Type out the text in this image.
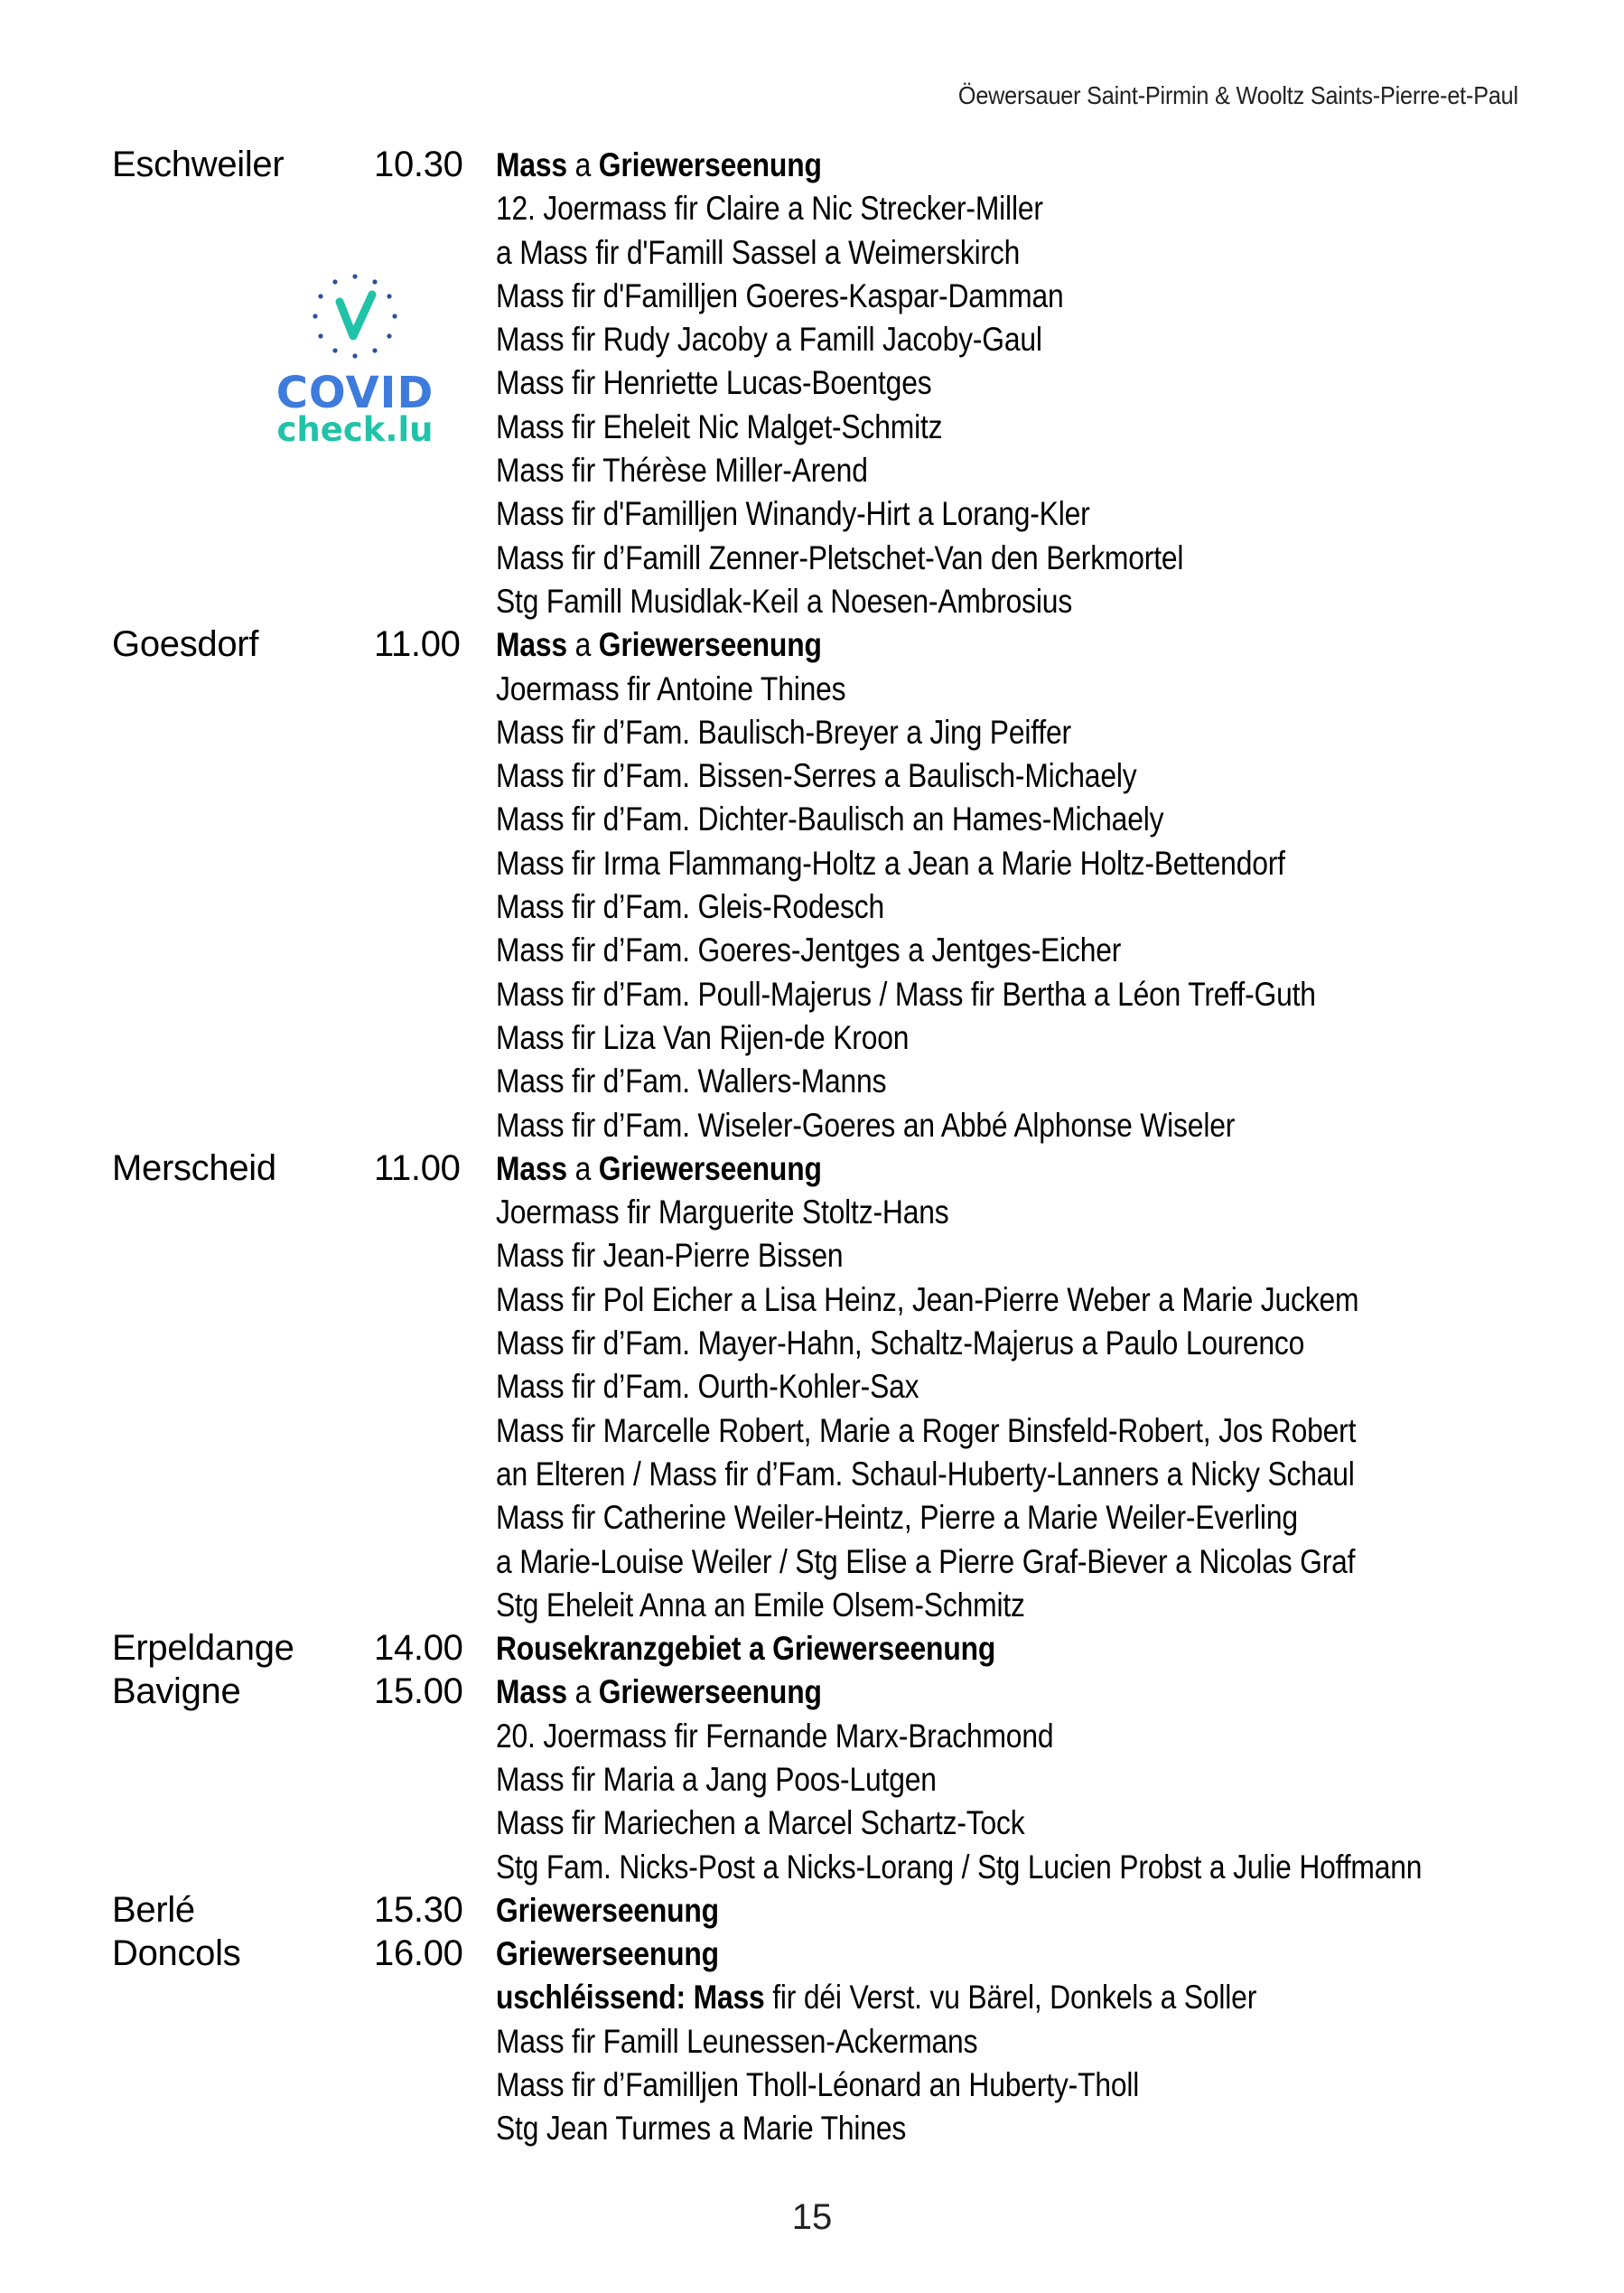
Öewersauer Saint-Pirmin & Wooltz Saints-Pierre-et-Paul
COVID
check.lu
Eschweiler 10.30 Mass a Griewerseenung
12. Joermass fir Claire a Nic Strecker-Miller
a Mass fir d'Famill Sassel a Weimerskirch
Mass fir d'Familljen Goeres-Kaspar-Damman
Mass fir Rudy Jacoby a Famill Jacoby-Gaul
Mass fir Henriette Lucas-Boentges
Mass fir Eheleit Nic Malget-Schmitz
Mass fir Thérèse Miller-Arend
Mass fir d'Familljen Winandy-Hirt a Lorang-Kler
Mass fir d’Famill Zenner-Pletschet-Van den Berkmortel
Stg Famill Musidlak-Keil a Noesen-Ambrosius
Goesdorf	11.00 Mass a Griewerseenung
Joermass fir Antoine Thines
Mass fir d’Fam. Baulisch-Breyer a Jing Peiffer
Mass fir d’Fam. Bissen-Serres a Baulisch-Michaely
Mass fir d’Fam. Dichter-Baulisch an Hames-Michaely
Mass fir Irma Flammang-Holtz a Jean a Marie Holtz-Bettendorf
Mass fir d’Fam. Gleis-Rodesch
Mass fir d’Fam. Goeres-Jentges a Jentges-Eicher
Mass fir d’Fam. Poull-Majerus / Mass fir Bertha a Léon Treff-Guth
Mass fir Liza Van Rijen-de Kroon
Mass fir d’Fam. Wallers-Manns
Mass fir d’Fam. Wiseler-Goeres an Abbé Alphonse Wiseler
Merscheid	11.00 Mass a Griewerseenung
Joermass fir Marguerite Stoltz-Hans
Mass fir Jean-Pierre Bissen
Mass fir Pol Eicher a Lisa Heinz, Jean-Pierre Weber a Marie Juckem
Mass fir d’Fam. Mayer-Hahn, Schaltz-Majerus a Paulo Lourenco
Mass fir d’Fam. Ourth-Kohler-Sax
Mass fir Marcelle Robert, Marie a Roger Binsfeld-Robert, Jos Robert
an Elteren / Mass fir d’Fam. Schaul-Huberty-Lanners a Nicky Schaul
Mass fir Catherine Weiler-Heintz, Pierre a Marie Weiler-Everling
a Marie-Louise Weiler / Stg Elise a Pierre Graf-Biever a Nicolas Graf
Stg Eheleit Anna an Emile Olsem-Schmitz
Erpeldange 14.00 Rousekranzgebiet a Griewerseenung
Bavigne	15.00 Mass a Griewerseenung
20. Joermass fir Fernande Marx-Brachmond
Mass fir Maria a Jang Poos-Lutgen
Mass fir Mariechen a Marcel Schartz-Tock
Stg Fam. Nicks-Post a Nicks-Lorang / Stg Lucien Probst a Julie Hoffmann
Berlé	15.30 Griewerseenung
Doncols	16.00 Griewerseenung
uschléissend: Mass fir déi Verst. vu Bärel, Donkels a Soller
Mass fir Famill Leunessen-Ackermans
Mass fir d’Familljen Tholl-Léonard an Huberty-Tholl
Stg Jean Turmes a Marie Thines
15
